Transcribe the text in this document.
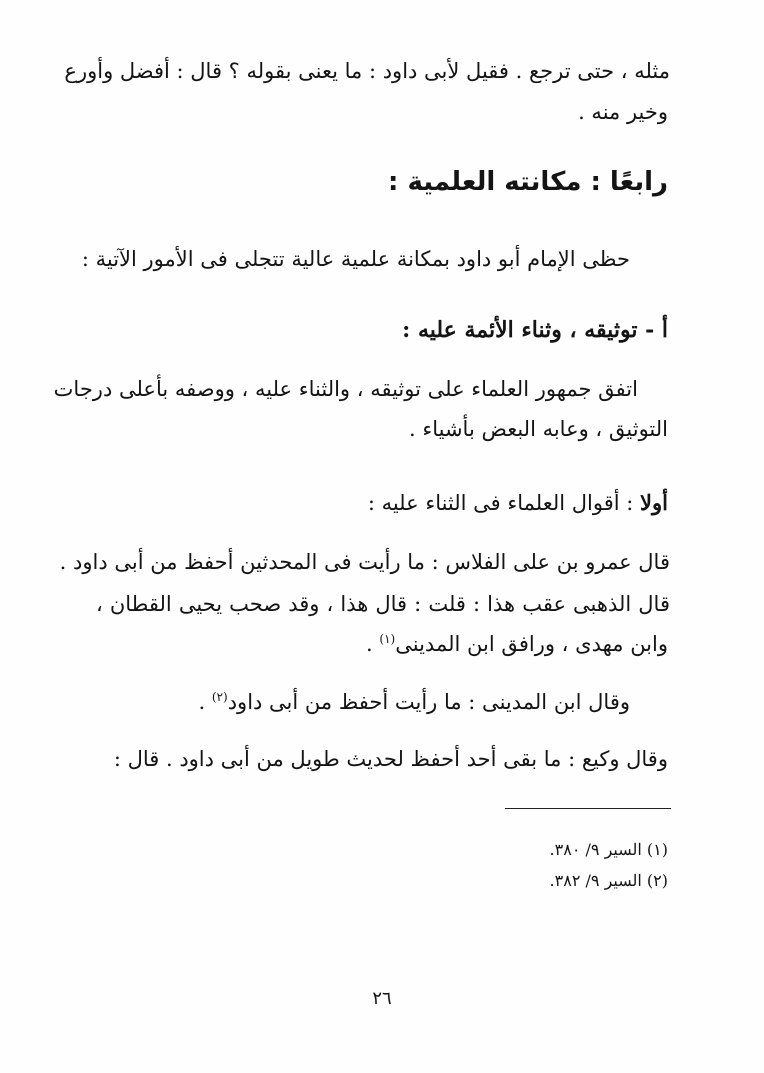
مثله ، حتى ترجع . فقيل لأبى داود : ما يعنى بقوله ؟ قال : أفضل وأورع
وخير منه .
رابعًا : مكانته العلمية :
حظى الإمام أبو داود بمكانة علمية عالية تتجلى فى الأمور الآتية :
أ - توثيقه ، وثناء الأئمة عليه :
اتفق جمهور العلماء على توثيقه ، والثناء عليه ، ووصفه بأعلى درجات
التوثيق ، وعابه البعض بأشياء .
أولا : أقوال العلماء فى الثناء عليه :
قال عمرو بن على الفلاس : ما رأيت فى المحدثين أحفظ من أبى داود .
قال الذهبى عقب هذا : قلت : قال هذا ، وقد صحب يحيى القطان ،
وابن مهدى ، ورافق ابن المدينى$^{(١)}$ .
وقال ابن المدينى : ما رأيت أحفظ من أبى داود$^{(٢)}$ .
وقال وكيع : ما بقى أحد أحفظ لحديث طويل من أبى داود . قال :
(١) السير ٩/ ٣٨٠.
(٢) السير ٩/ ٣٨٢.
٢٦
